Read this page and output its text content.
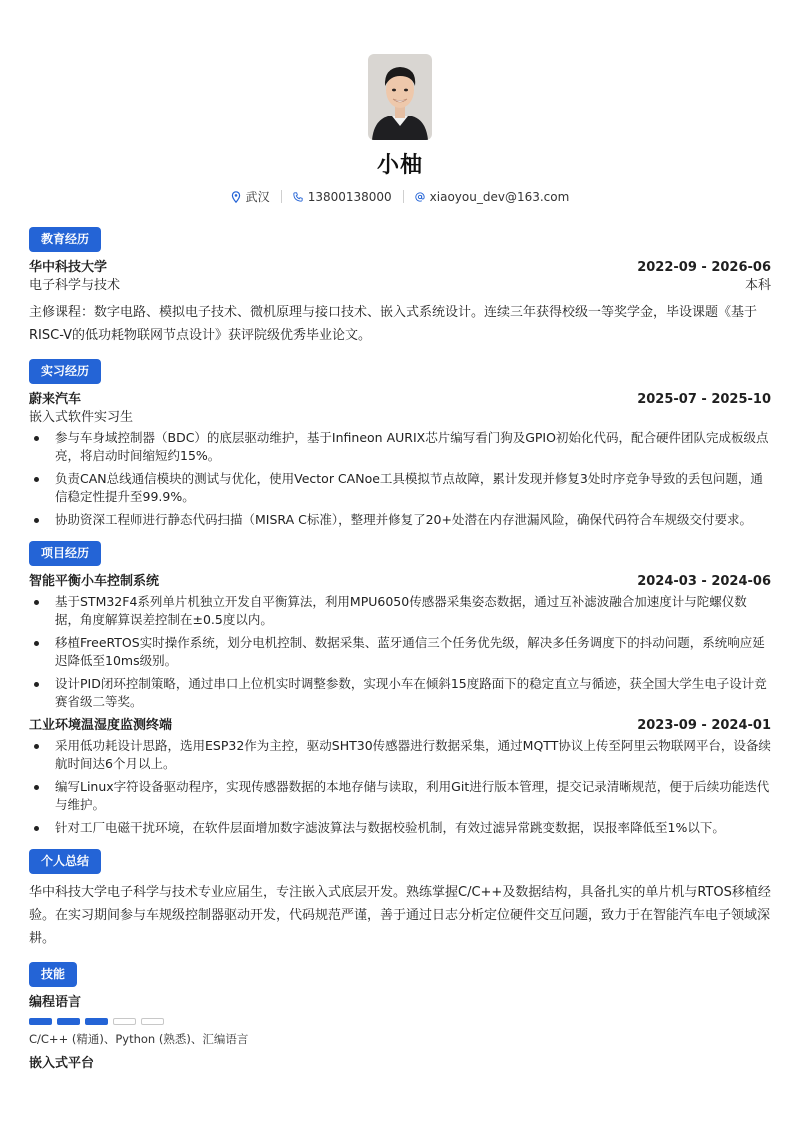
小柚
武汉	13800138000	xiaoyou_dev@163.com
教育经历
华中科技大学	2022-09 - 2026-06
电子科学与技术	本科
主修课程：数字电路、模拟电子技术、微机原理与接口技术、嵌入式系统设计。连续三年获得校级一等奖学金，毕设课题《基于RISC-V的低功耗物联网节点设计》获评院级优秀毕业论文。
实习经历
蔚来汽车	2025-07 - 2025-10
嵌入式软件实习生
参与车身域控制器（BDC）的底层驱动维护，基于Infineon AURIX芯片编写看门狗及GPIO初始化代码，配合硬件团队完成板级点亮，将启动时间缩短约15%。
负责CAN总线通信模块的测试与优化，使用Vector CANoe工具模拟节点故障，累计发现并修复3处时序竞争导致的丢包问题，通信稳定性提升至99.9%。
协助资深工程师进行静态代码扫描（MISRA C标准），整理并修复了20+处潜在内存泄漏风险，确保代码符合车规级交付要求。
项目经历
智能平衡小车控制系统	2024-03 - 2024-06
基于STM32F4系列单片机独立开发自平衡算法，利用MPU6050传感器采集姿态数据，通过互补滤波融合加速度计与陀螺仪数据，角度解算误差控制在±0.5度以内。
移植FreeRTOS实时操作系统，划分电机控制、数据采集、蓝牙通信三个任务优先级，解决多任务调度下的抖动问题，系统响应延迟降低至10ms级别。
设计PID闭环控制策略，通过串口上位机实时调整参数，实现小车在倾斜15度路面下的稳定直立与循迹，获全国大学生电子设计竞赛省级二等奖。
工业环境温湿度监测终端	2023-09 - 2024-01
采用低功耗设计思路，选用ESP32作为主控，驱动SHT30传感器进行数据采集，通过MQTT协议上传至阿里云物联网平台，设备续航时间达6个月以上。
编写Linux字符设备驱动程序，实现传感器数据的本地存储与读取，利用Git进行版本管理，提交记录清晰规范，便于后续功能迭代与维护。
针对工厂电磁干扰环境，在软件层面增加数字滤波算法与数据校验机制，有效过滤异常跳变数据，误报率降低至1%以下。
个人总结
华中科技大学电子科学与技术专业应届生，专注嵌入式底层开发。熟练掌握C/C++及数据结构，具备扎实的单片机与RTOS移植经验。在实习期间参与车规级控制器驱动开发，代码规范严谨，善于通过日志分析定位硬件交互问题，致力于在智能汽车电子领域深耕。
技能
编程语言
C/C++ (精通)、Python (熟悉)、汇编语言
嵌入式平台
